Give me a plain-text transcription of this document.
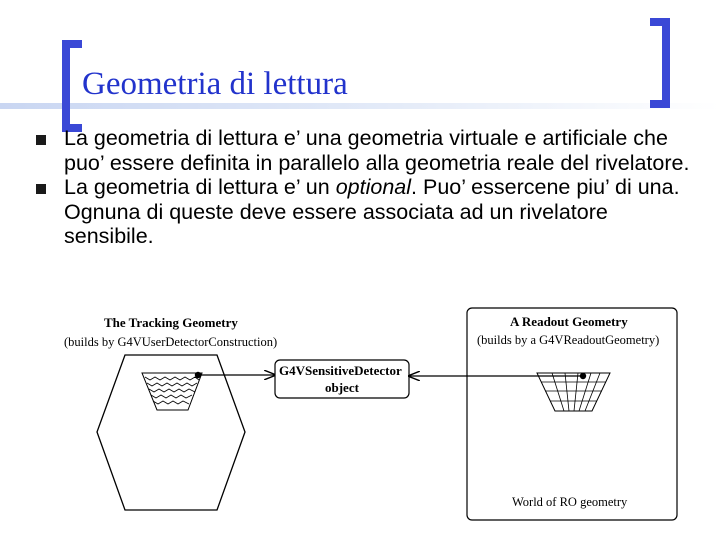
Geometria di lettura
La geometria di lettura e’ una geometria virtuale e artificiale che puo’ essere definita in parallelo alla geometria reale del rivelatore.
La geometria di lettura e’ un optional. Puo’ essercene piu’ di una. Ognuna di queste deve essere associata ad un rivelatore sensibile.
The Tracking Geometry
(builds by G4VUserDetectorConstruction)
G4VSensitiveDetector
object
A Readout Geometry
(builds by a G4VReadoutGeometry)
World of RO geometry
